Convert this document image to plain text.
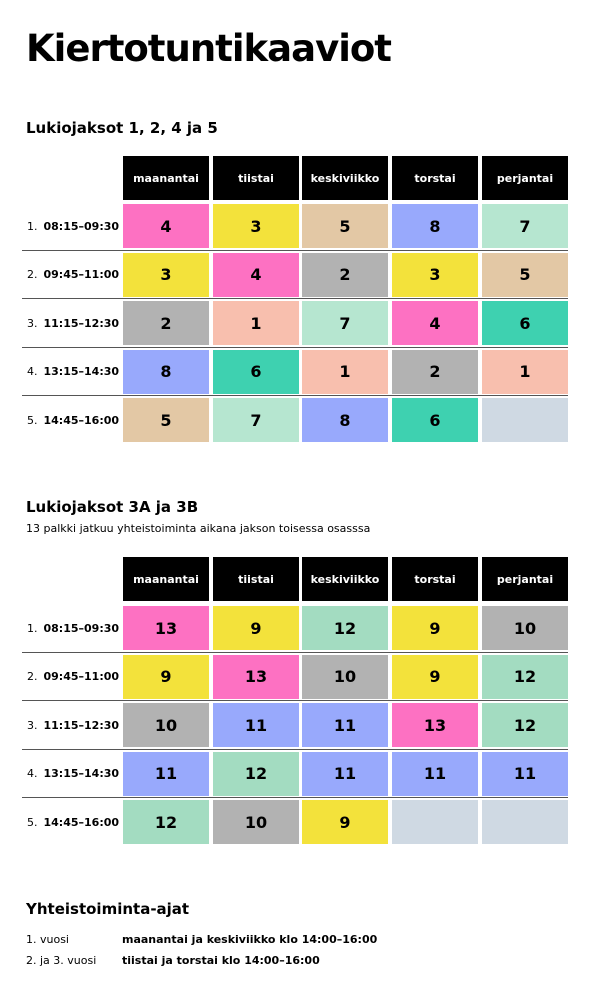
Kiertotuntikaaviot
Lukiojaksot 1, 2, 4 ja 5
maanantai	tiistai	keskiviikko	torstai	perjantai
1. 08:15–09:30	4	3	5	8	7
2. 09:45–11:00	3	4	2	3	5
3. 11:15–12:30	2	1	7	4	6
4. 13:15–14:30	8	6	1	2	1
5. 14:45–16:00	5	7	8	6
Lukiojaksot 3A ja 3B

13 palkki jatkuu yhteistoiminta aikana jakson toisessa osasssa

maanantai	tiistai	keskiviikko	torstai	perjantai
1. 08:15–09:30	13	9	12	9	10
2. 09:45–11:00	9	13	10	9	12
3. 11:15–12:30	10	11	11	13	12
4. 13:15–14:30	11	12	11	11	11
5. 14:45–16:00	12	10	9
Yhteistoiminta-ajat
1. vuosi	maanantai ja keskiviikko klo 14:00–16:00
2. ja 3. vuosi	tiistai ja torstai klo 14:00–16:00
